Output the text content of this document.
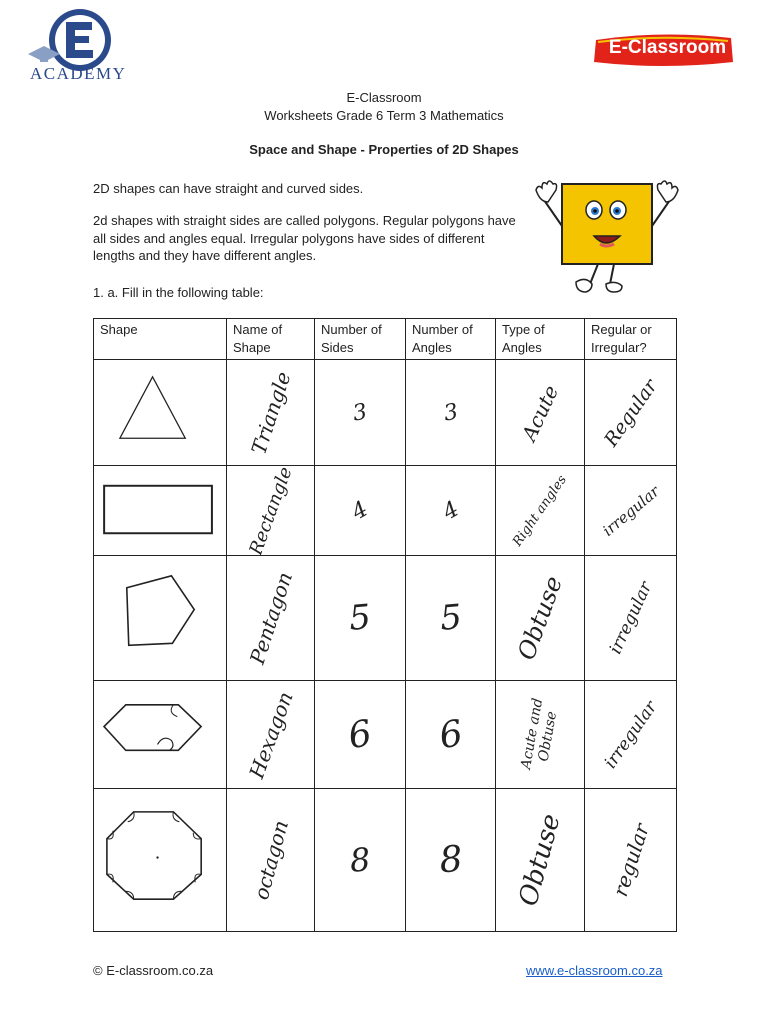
ACADEMY
E-Classroom
E-Classroom
Worksheets Grade 6 Term 3 Mathematics
Space and Shape - Properties of 2D Shapes
2D shapes can have straight and curved sides.
2d shapes with straight sides are called polygons. Regular polygons have all sides and angles equal. Irregular polygons have sides of different lengths and they have different angles.
1. a. Fill in the following table:
Shape	Name of Shape	Number of Sides	Number of Angles	Type of Angles	Regular or Irregular?

Triangle	3	3	Acute	Regular

Rectangle	4	4	Right angles	irregular

Pentagon	5	5	Obtuse	irregular

Hexagon	6	6	Acute and Obtuse	irregular

octagon	8	8	Obtuse	regular
© E-classroom.co.za	www.e-classroom.co.za
